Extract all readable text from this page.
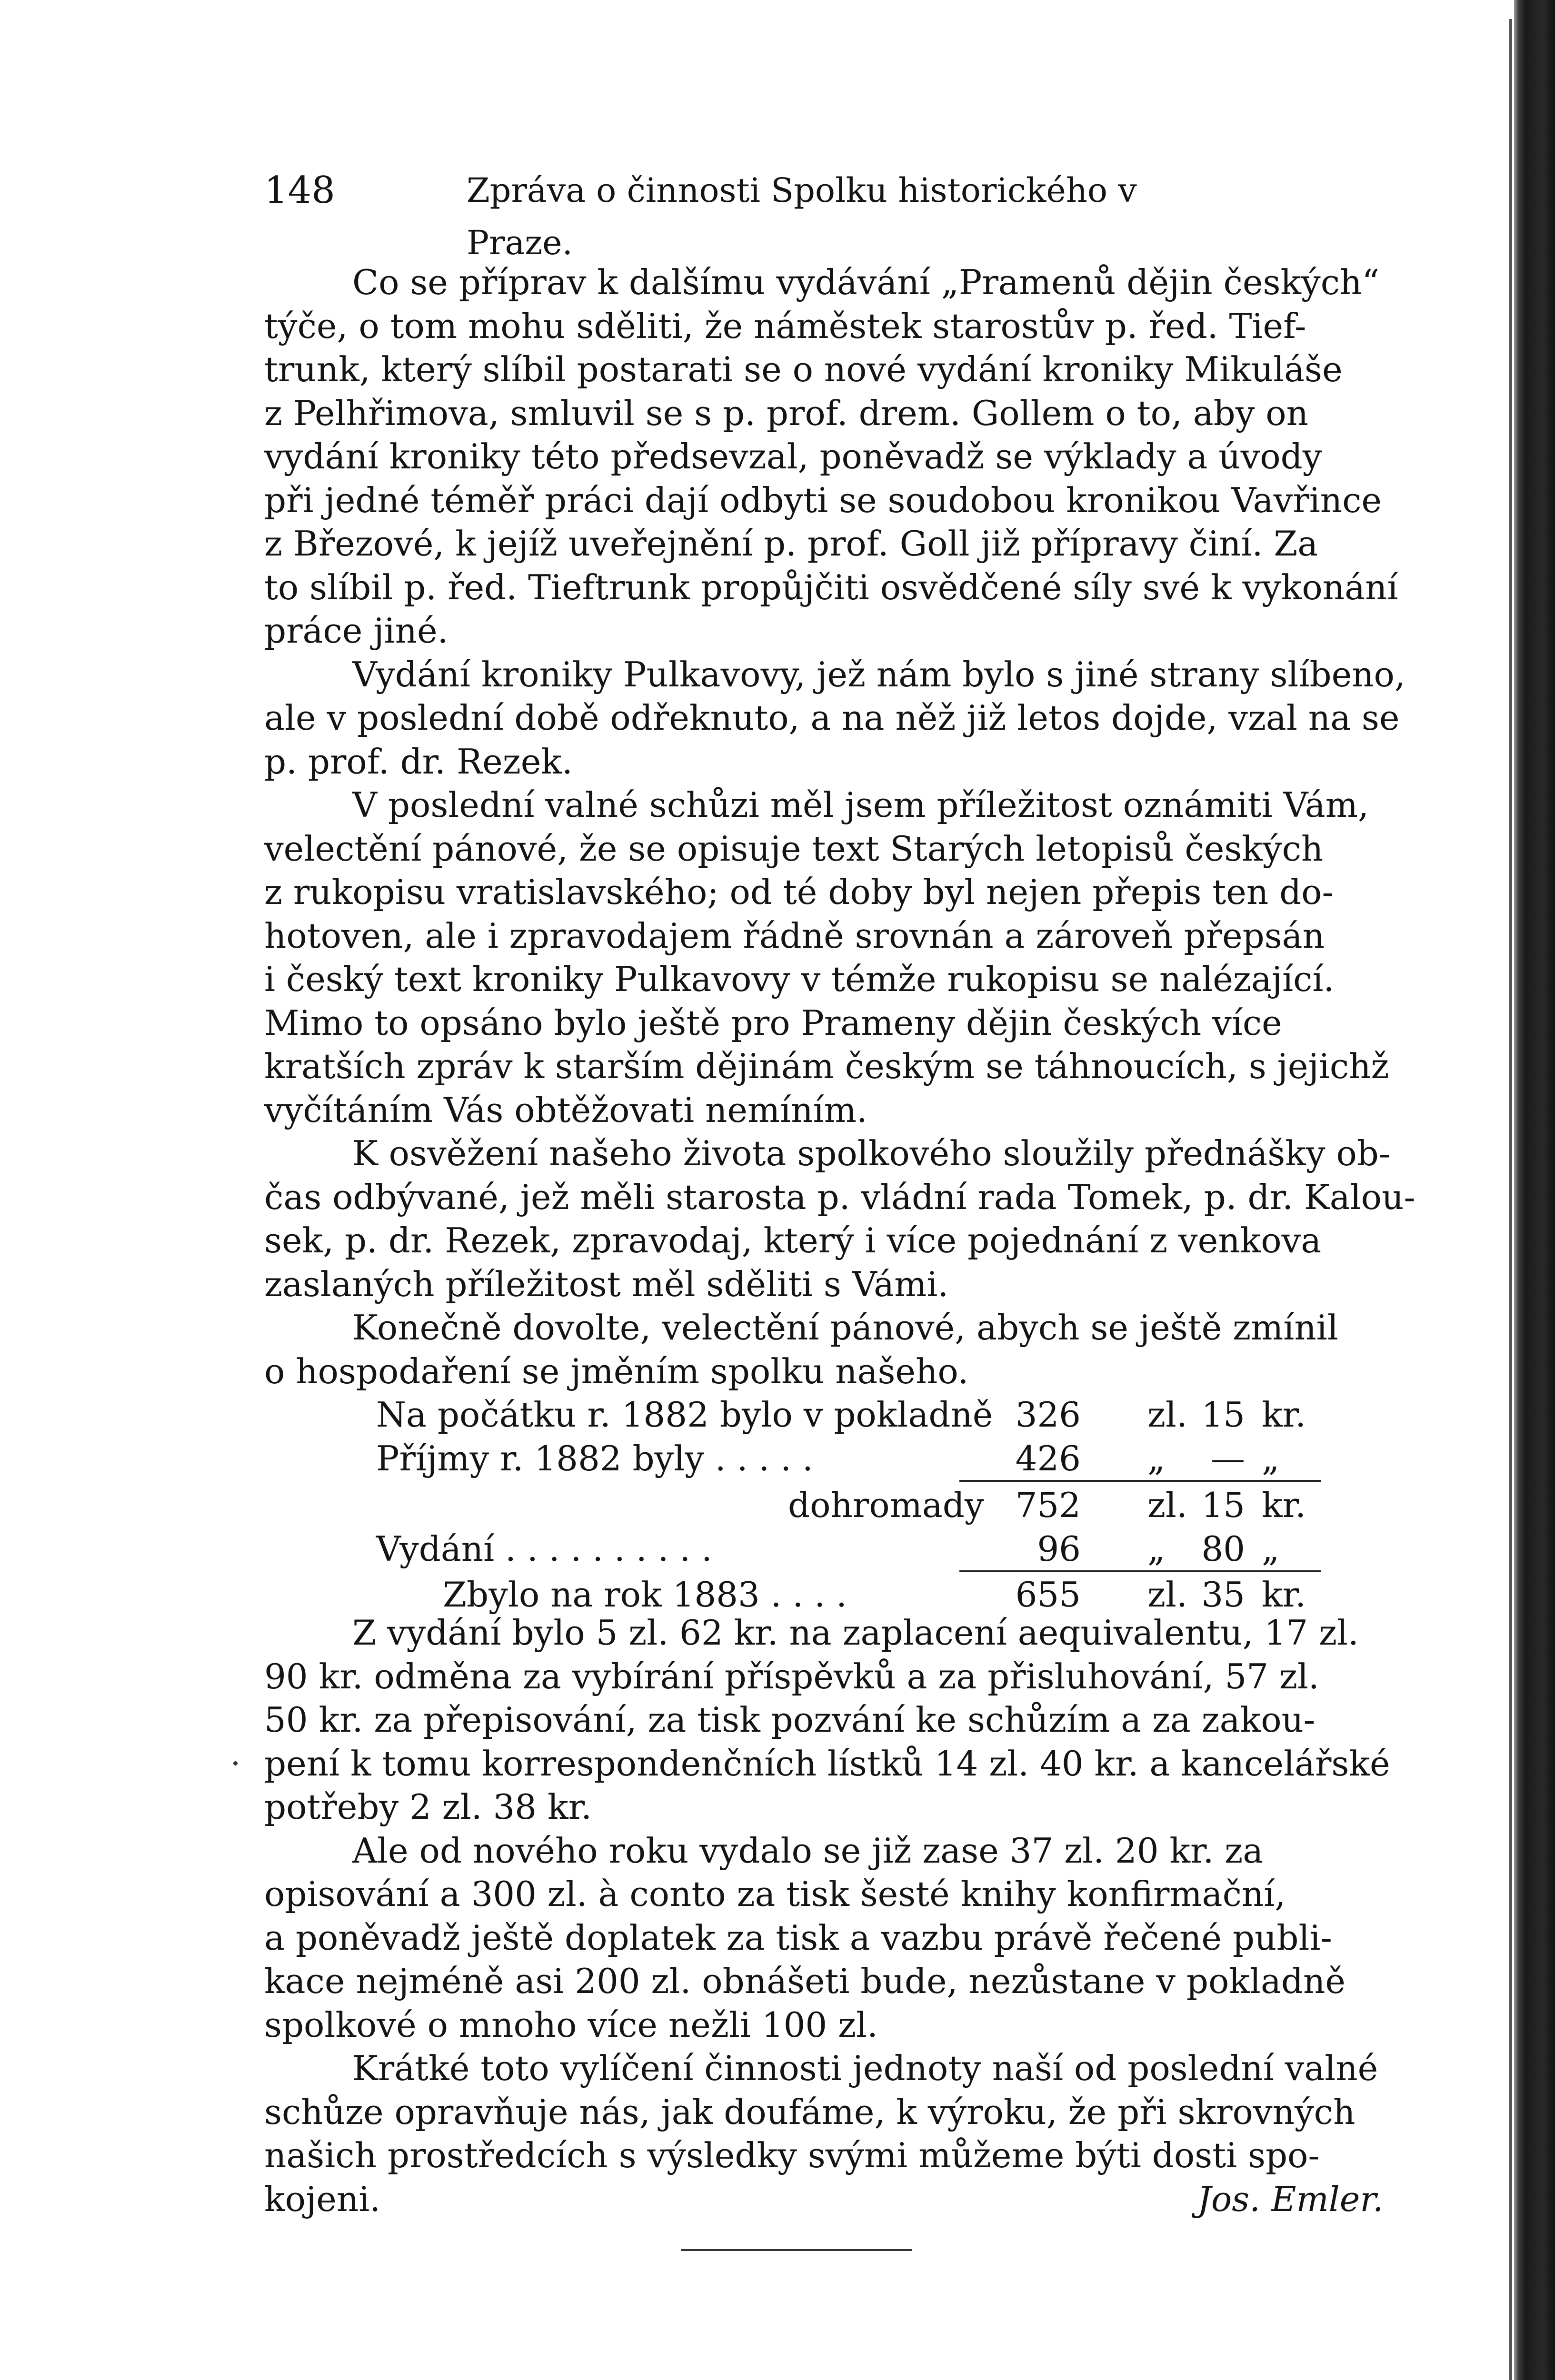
148	Zpráva o činnosti Spolku historického v Praze.
Co se příprav k dalšímu vydávání „Pramenů dějin českých“
týče, o tom mohu sděliti, že náměstek starostův p. řed. Tief-
trunk, který slíbil postarati se o nové vydání kroniky Mikuláše
z Pelhřimova, smluvil se s p. prof. drem. Gollem o to, aby on
vydání kroniky této předsevzal, poněvadž se výklady a úvody
při jedné téměř práci dají odbyti se soudobou kronikou Vavřince
z Březové, k jejíž uveřejnění p. prof. Goll již přípravy činí. Za
to slíbil p. řed. Tieftrunk propůjčiti osvědčené síly své k vykonání
práce jiné.
Vydání kroniky Pulkavovy, jež nám bylo s jiné strany slíbeno,
ale v poslední době odřeknuto, a na něž již letos dojde, vzal na se
p. prof. dr. Rezek.
V poslední valné schůzi měl jsem příležitost oznámiti Vám,
velectění pánové, že se opisuje text Starých letopisů českých
z rukopisu vratislavského; od té doby byl nejen přepis ten do-
hotoven, ale i zpravodajem řádně srovnán a zároveň přepsán
i český text kroniky Pulkavovy v témže rukopisu se nalézající.
Mimo to opsáno bylo ještě pro Prameny dějin českých více
kratších zpráv k starším dějinám českým se táhnoucích, s jejichž
vyčítáním Vás obtěžovati nemíním.
K osvěžení našeho života spolkového sloužily přednášky ob-
čas odbývané, jež měli starosta p. vládní rada Tomek, p. dr. Kalou-
sek, p. dr. Rezek, zpravodaj, který i více pojednání z venkova
zaslaných příležitost měl sděliti s Vámi.
Konečně dovolte, velectění pánové, abych se ještě zmínil
o hospodaření se jměním spolku našeho.
Na počátku r. 1882 bylo v pokladně 326 zl. 15 kr.
Příjmy r. 1882 byly . . . . .	426 „	— „
dohromady 752 zl. 15 kr.
Vydání . . . . . . . . . .	96 „	80 „
Zbylo na rok 1883 . . . .	655 zl. 35 kr.
Z vydání bylo 5 zl. 62 kr. na zaplacení aequivalentu, 17 zl.
90 kr. odměna za vybírání příspěvků a za přisluhování, 57 zl.
50 kr. za přepisování, za tisk pozvání ke schůzím a za zakou-
pení k tomu korrespondenčních lístků 14 zl. 40 kr. a kancelářské
potřeby 2 zl. 38 kr.
Ale od nového roku vydalo se již zase 37 zl. 20 kr. za
opisování a 300 zl. à conto za tisk šesté knihy konfirmační,
a poněvadž ještě doplatek za tisk a vazbu právě řečené publi-
kace nejméně asi 200 zl. obnášeti bude, nezůstane v pokladně
spolkové o mnoho více nežli 100 zl.
Krátké toto vylíčení činnosti jednoty naší od poslední valné
schůze opravňuje nás, jak doufáme, k výroku, že při skrovných
našich prostředcích s výsledky svými můžeme býti dosti spo-
kojeni.	Jos. Emler.
